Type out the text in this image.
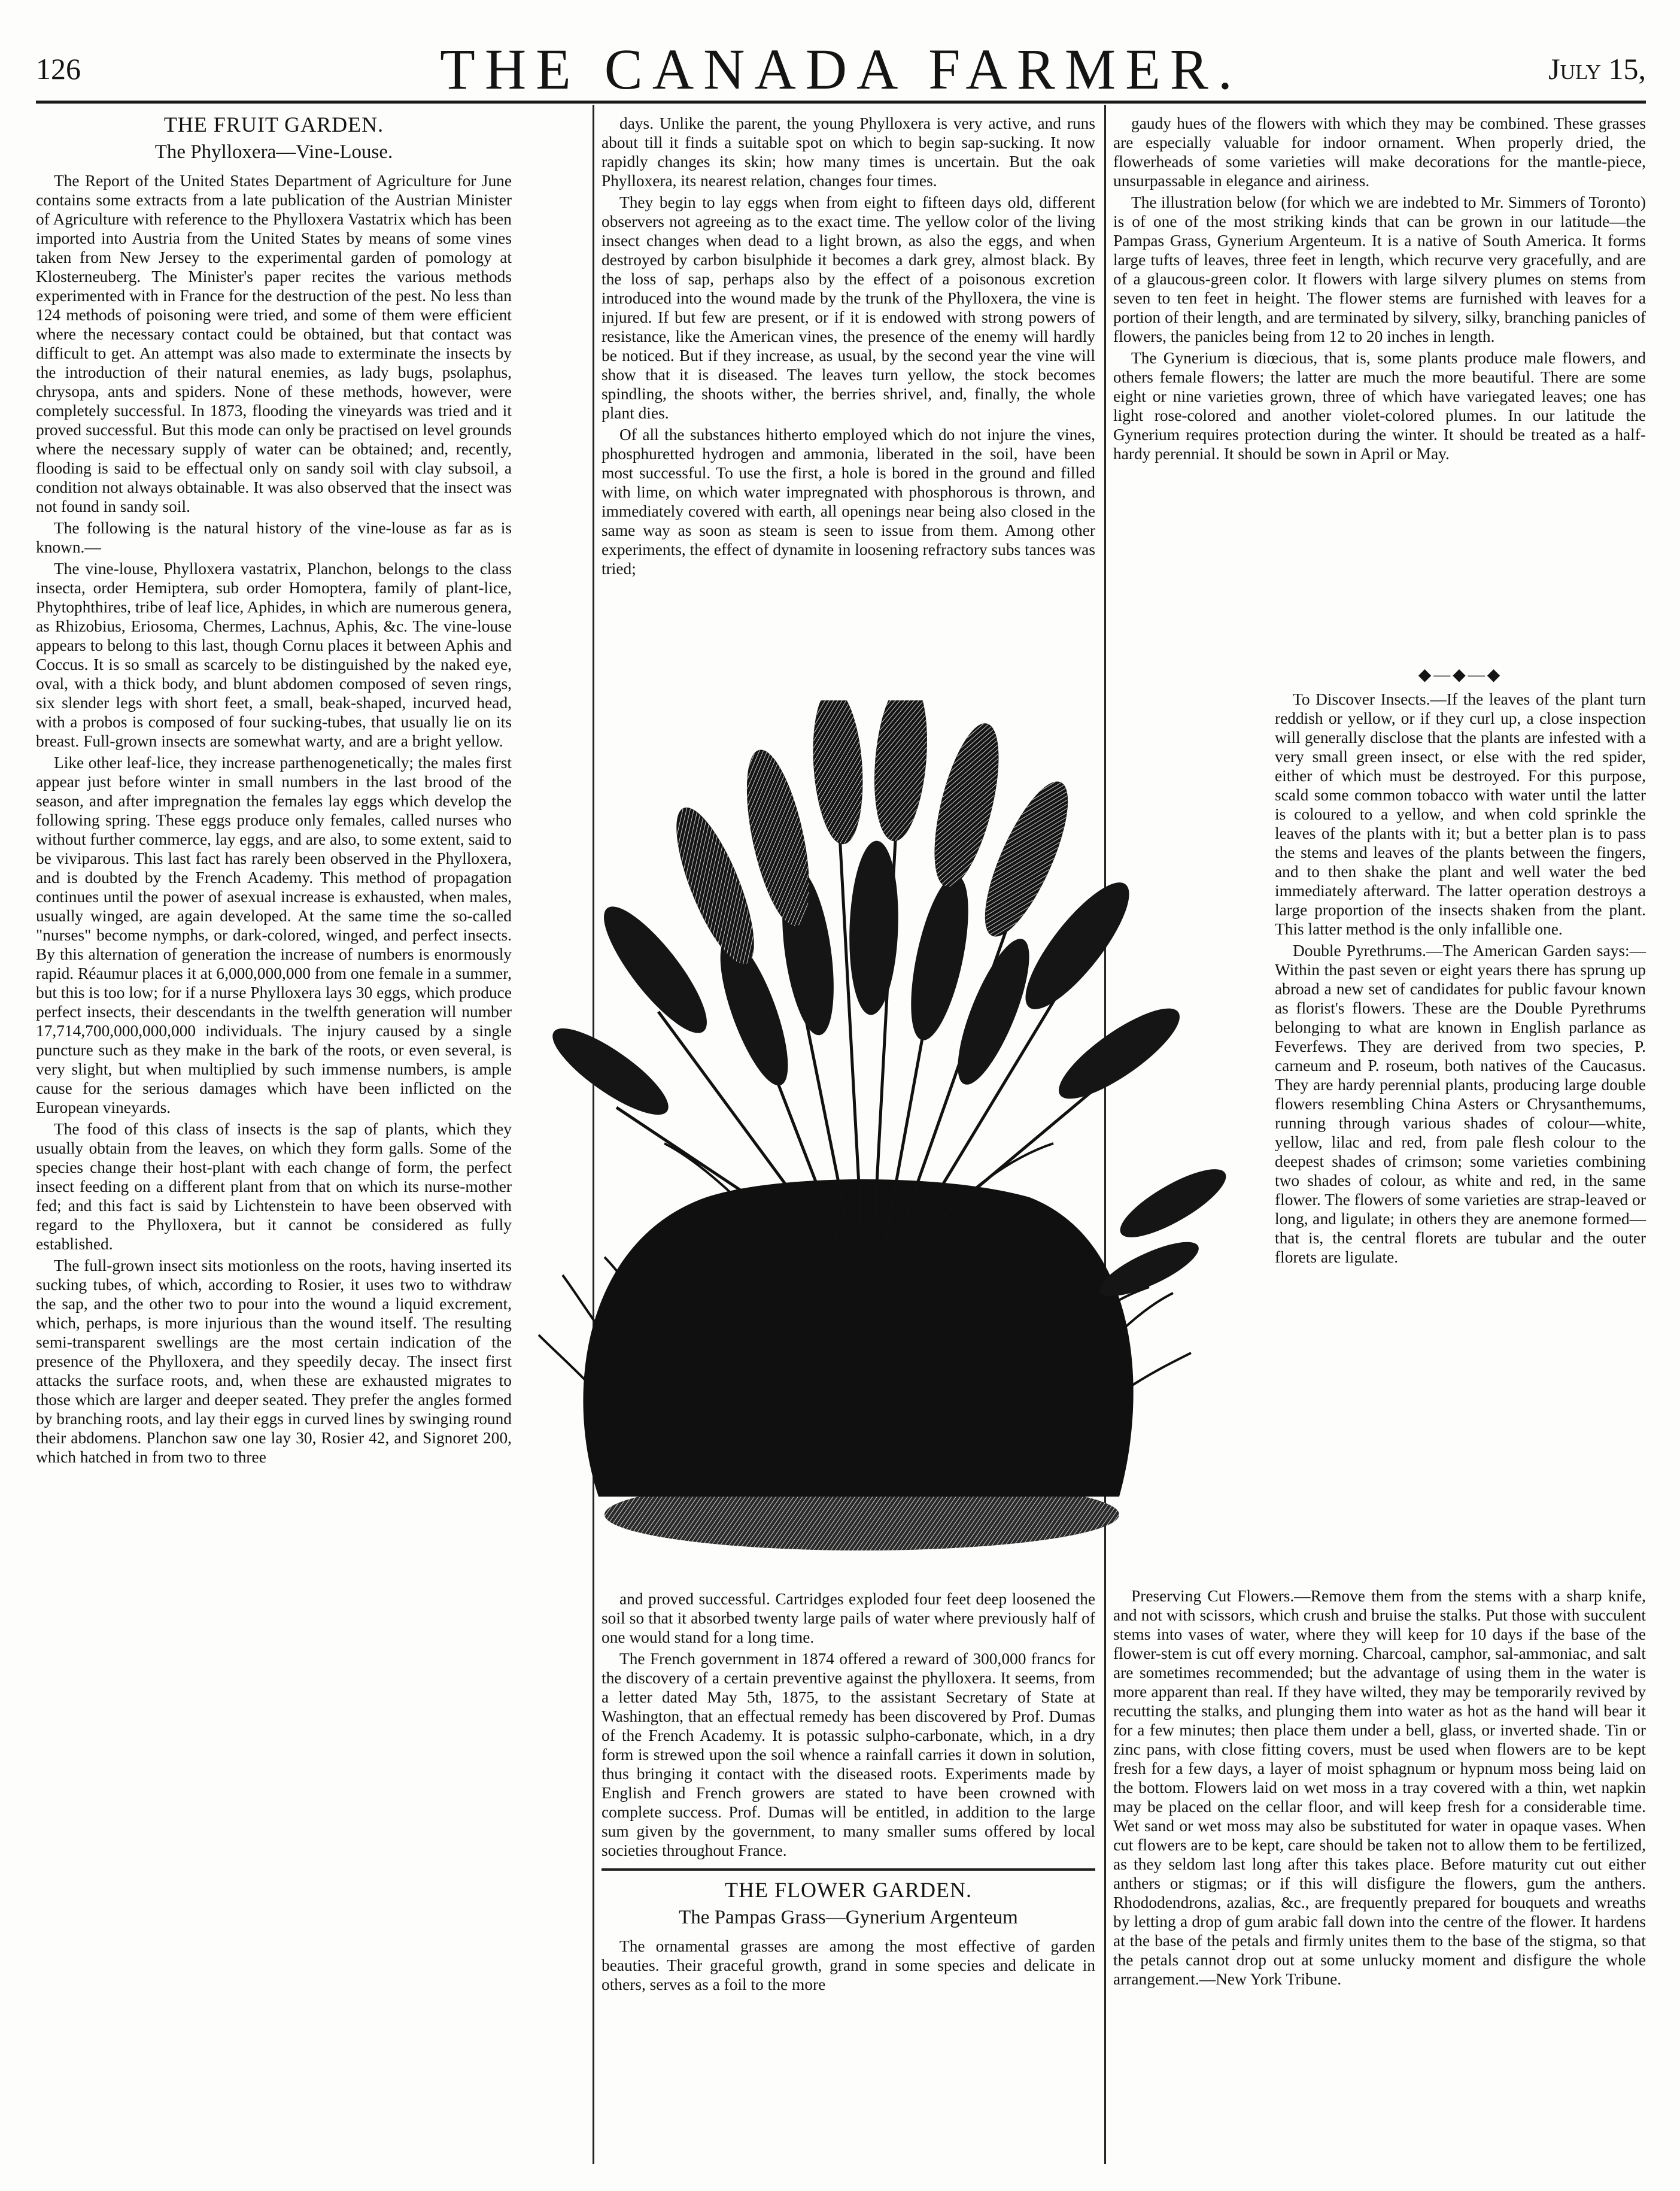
126	THE CANADA FARMER.	July 15,
THE FRUIT GARDEN.
The Phylloxera—Vine-Louse.

The Report of the United States Department of Agriculture for June contains some extracts from a late publication of the Austrian Minister of Agriculture with reference to the Phylloxera Vastatrix which has been imported into Austria from the United States by means of some vines taken from New Jersey to the experimental garden of pomology at Klosterneuberg. The Minister's paper recites the various methods experimented with in France for the destruction of the pest. No less than 124 methods of poisoning were tried, and some of them were efficient where the necessary contact could be obtained, but that contact was difficult to get. An attempt was also made to exterminate the insects by the introduction of their natural enemies, as lady bugs, psolaphus, chrysopa, ants and spiders. None of these methods, however, were completely successful. In 1873, flooding the vineyards was tried and it proved successful. But this mode can only be practised on level grounds where the necessary supply of water can be obtained; and, recently, flooding is said to be effectual only on sandy soil with clay subsoil, a condition not always obtainable. It was also observed that the insect was not found in sandy soil.

The following is the natural history of the vine-louse as far as is known.—

The vine-louse, Phylloxera vastatrix, Planchon, belongs to the class insecta, order Hemiptera, sub order Homoptera, family of plant-lice, Phytophthires, tribe of leaf lice, Aphides, in which are numerous genera, as Rhizobius, Eriosoma, Chermes, Lachnus, Aphis, &c. The vine-louse appears to belong to this last, though Cornu places it between Aphis and Coccus. It is so small as scarcely to be distinguished by the naked eye, oval, with a thick body, and blunt abdomen composed of seven rings, six slender legs with short feet, a small, beak-shaped, incurved head, with a probos is composed of four sucking-tubes, that usually lie on its breast. Full-grown insects are somewhat warty, and are a bright yellow.

Like other leaf-lice, they increase parthenogenetically; the males first appear just before winter in small numbers in the last brood of the season, and after impregnation the females lay eggs which develop the following spring. These eggs produce only females, called nurses who without further commerce, lay eggs, and are also, to some extent, said to be viviparous. This last fact has rarely been observed in the Phylloxera, and is doubted by the French Academy. This method of propagation continues until the power of asexual increase is exhausted, when males, usually winged, are again developed. At the same time the so-called "nurses" become nymphs, or dark-colored, winged, and perfect insects. By this alternation of generation the increase of numbers is enormously rapid. Réaumur places it at 6,000,000,000 from one female in a summer, but this is too low; for if a nurse Phylloxera lays 30 eggs, which produce perfect insects, their descendants in the twelfth generation will number 17,714,700,000,000,000 individuals. The injury caused by a single puncture such as they make in the bark of the roots, or even several, is very slight, but when multiplied by such immense numbers, is ample cause for the serious damages which have been inflicted on the European vineyards.

The food of this class of insects is the sap of plants, which they usually obtain from the leaves, on which they form galls. Some of the species change their host-plant with each change of form, the perfect insect feeding on a different plant from that on which its nurse-mother fed; and this fact is said by Lichtenstein to have been observed with regard to the Phylloxera, but it cannot be considered as fully established.

The full-grown insect sits motionless on the roots, having inserted its sucking tubes, of which, according to Rosier, it uses two to withdraw the sap, and the other two to pour into the wound a liquid excrement, which, perhaps, is more injurious than the wound itself. The resulting semi-transparent swellings are the most certain indication of the presence of the Phylloxera, and they speedily decay. The insect first attacks the surface roots, and, when these are exhausted migrates to those which are larger and deeper seated. They prefer the angles formed by branching roots, and lay their eggs in curved lines by swinging round their abdomens. Planchon saw one lay 30, Rosier 42, and Signoret 200, which hatched in from two to three

days. Unlike the parent, the young Phylloxera is very active, and runs about till it finds a suitable spot on which to begin sap-sucking. It now rapidly changes its skin; how many times is uncertain. But the oak Phylloxera, its nearest relation, changes four times.

They begin to lay eggs when from eight to fifteen days old, different observers not agreeing as to the exact time. The yellow color of the living insect changes when dead to a light brown, as also the eggs, and when destroyed by carbon bisulphide it becomes a dark grey, almost black. By the loss of sap, perhaps also by the effect of a poisonous excretion introduced into the wound made by the trunk of the Phylloxera, the vine is injured. If but few are present, or if it is endowed with strong powers of resistance, like the American vines, the presence of the enemy will hardly be noticed. But if they increase, as usual, by the second year the vine will show that it is diseased. The leaves turn yellow, the stock becomes spindling, the shoots wither, the berries shrivel, and, finally, the whole plant dies.

Of all the substances hitherto employed which do not injure the vines, phosphuretted hydrogen and ammonia, liberated in the soil, have been most successful. To use the first, a hole is bored in the ground and filled with lime, on which water impregnated with phosphorous is thrown, and immediately covered with earth, all openings near being also closed in the same way as soon as steam is seen to issue from them. Among other experiments, the effect of dynamite in loosening refractory subs tances was tried;

and proved successful. Cartridges exploded four feet deep loosened the soil so that it absorbed twenty large pails of water where previously half of one would stand for a long time.

The French government in 1874 offered a reward of 300,000 francs for the discovery of a certain preventive against the phylloxera. It seems, from a letter dated May 5th, 1875, to the assistant Secretary of State at Washington, that an effectual remedy has been discovered by Prof. Dumas of the French Academy. It is potassic sulpho-carbonate, which, in a dry form is strewed upon the soil whence a rainfall carries it down in solution, thus bringing it contact with the diseased roots. Experiments made by English and French growers are stated to have been crowned with complete success. Prof. Dumas will be entitled, in addition to the large sum given by the government, to many smaller sums offered by local societies throughout France.

THE FLOWER GARDEN.
The Pampas Grass—Gynerium Argenteum

The ornamental grasses are among the most effective of garden beauties. Their graceful growth, grand in some species and delicate in others, serves as a foil to the more

gaudy hues of the flowers with which they may be combined. These grasses are especially valuable for indoor ornament. When properly dried, the flowerheads of some varieties will make decorations for the mantle-piece, unsurpassable in elegance and airiness.

The illustration below (for which we are indebted to Mr. Simmers of Toronto) is of one of the most striking kinds that can be grown in our latitude—the Pampas Grass, Gynerium Argenteum. It is a native of South America. It forms large tufts of leaves, three feet in length, which recurve very gracefully, and are of a glaucous-green color. It flowers with large silvery plumes on stems from seven to ten feet in height. The flower stems are furnished with leaves for a portion of their length, and are terminated by silvery, silky, branching panicles of flowers, the panicles being from 12 to 20 inches in length.

The Gynerium is diœcious, that is, some plants produce male flowers, and others female flowers; the latter are much the more beautiful. There are some eight or nine varieties grown, three of which have variegated leaves; one has light rose-colored and another violet-colored plumes. In our latitude the Gynerium requires protection during the winter. It should be treated as a half-hardy perennial. It should be sown in April or May.

◆—◆—◆

To Discover Insects.—If the leaves of the plant turn reddish or yellow, or if they curl up, a close inspection will generally disclose that the plants are infested with a very small green insect, or else with the red spider, either of which must be destroyed. For this purpose, scald some common tobacco with water until the latter is coloured to a yellow, and when cold sprinkle the leaves of the plants with it; but a better plan is to pass the stems and leaves of the plants between the fingers, and to then shake the plant and well water the bed immediately afterward. The latter operation destroys a large proportion of the insects shaken from the plant. This latter method is the only infallible one.

Double Pyrethrums.—The American Garden says:—Within the past seven or eight years there has sprung up abroad a new set of candidates for public favour known as florist's flowers. These are the Double Pyrethrums belonging to what are known in English parlance as Feverfews. They are derived from two species, P. carneum and P. roseum, both natives of the Caucasus. They are hardy perennial plants, producing large double flowers resembling China Asters or Chrysanthemums, running through various shades of colour—white, yellow, lilac and red, from pale flesh colour to the deepest shades of crimson; some varieties combining two shades of colour, as white and red, in the same flower. The flowers of some varieties are strap-leaved or long, and ligulate; in others they are anemone formed—that is, the central florets are tubular and the outer florets are ligulate.

Preserving Cut Flowers.—Remove them from the stems with a sharp knife, and not with scissors, which crush and bruise the stalks. Put those with succulent stems into vases of water, where they will keep for 10 days if the base of the flower-stem is cut off every morning. Charcoal, camphor, sal-ammoniac, and salt are sometimes recommended; but the advantage of using them in the water is more apparent than real. If they have wilted, they may be temporarily revived by recutting the stalks, and plunging them into water as hot as the hand will bear it for a few minutes; then place them under a bell, glass, or inverted shade. Tin or zinc pans, with close fitting covers, must be used when flowers are to be kept fresh for a few days, a layer of moist sphagnum or hypnum moss being laid on the bottom. Flowers laid on wet moss in a tray covered with a thin, wet napkin may be placed on the cellar floor, and will keep fresh for a considerable time. Wet sand or wet moss may also be substituted for water in opaque vases. When cut flowers are to be kept, care should be taken not to allow them to be fertilized, as they seldom last long after this takes place. Before maturity cut out either anthers or stigmas; or if this will disfigure the flowers, gum the anthers. Rhododendrons, azalias, &c., are frequently prepared for bouquets and wreaths by letting a drop of gum arabic fall down into the centre of the flower. It hardens at the base of the petals and firmly unites them to the base of the stigma, so that the petals cannot drop out at some unlucky moment and disfigure the whole arrangement.—New York Tribune.
